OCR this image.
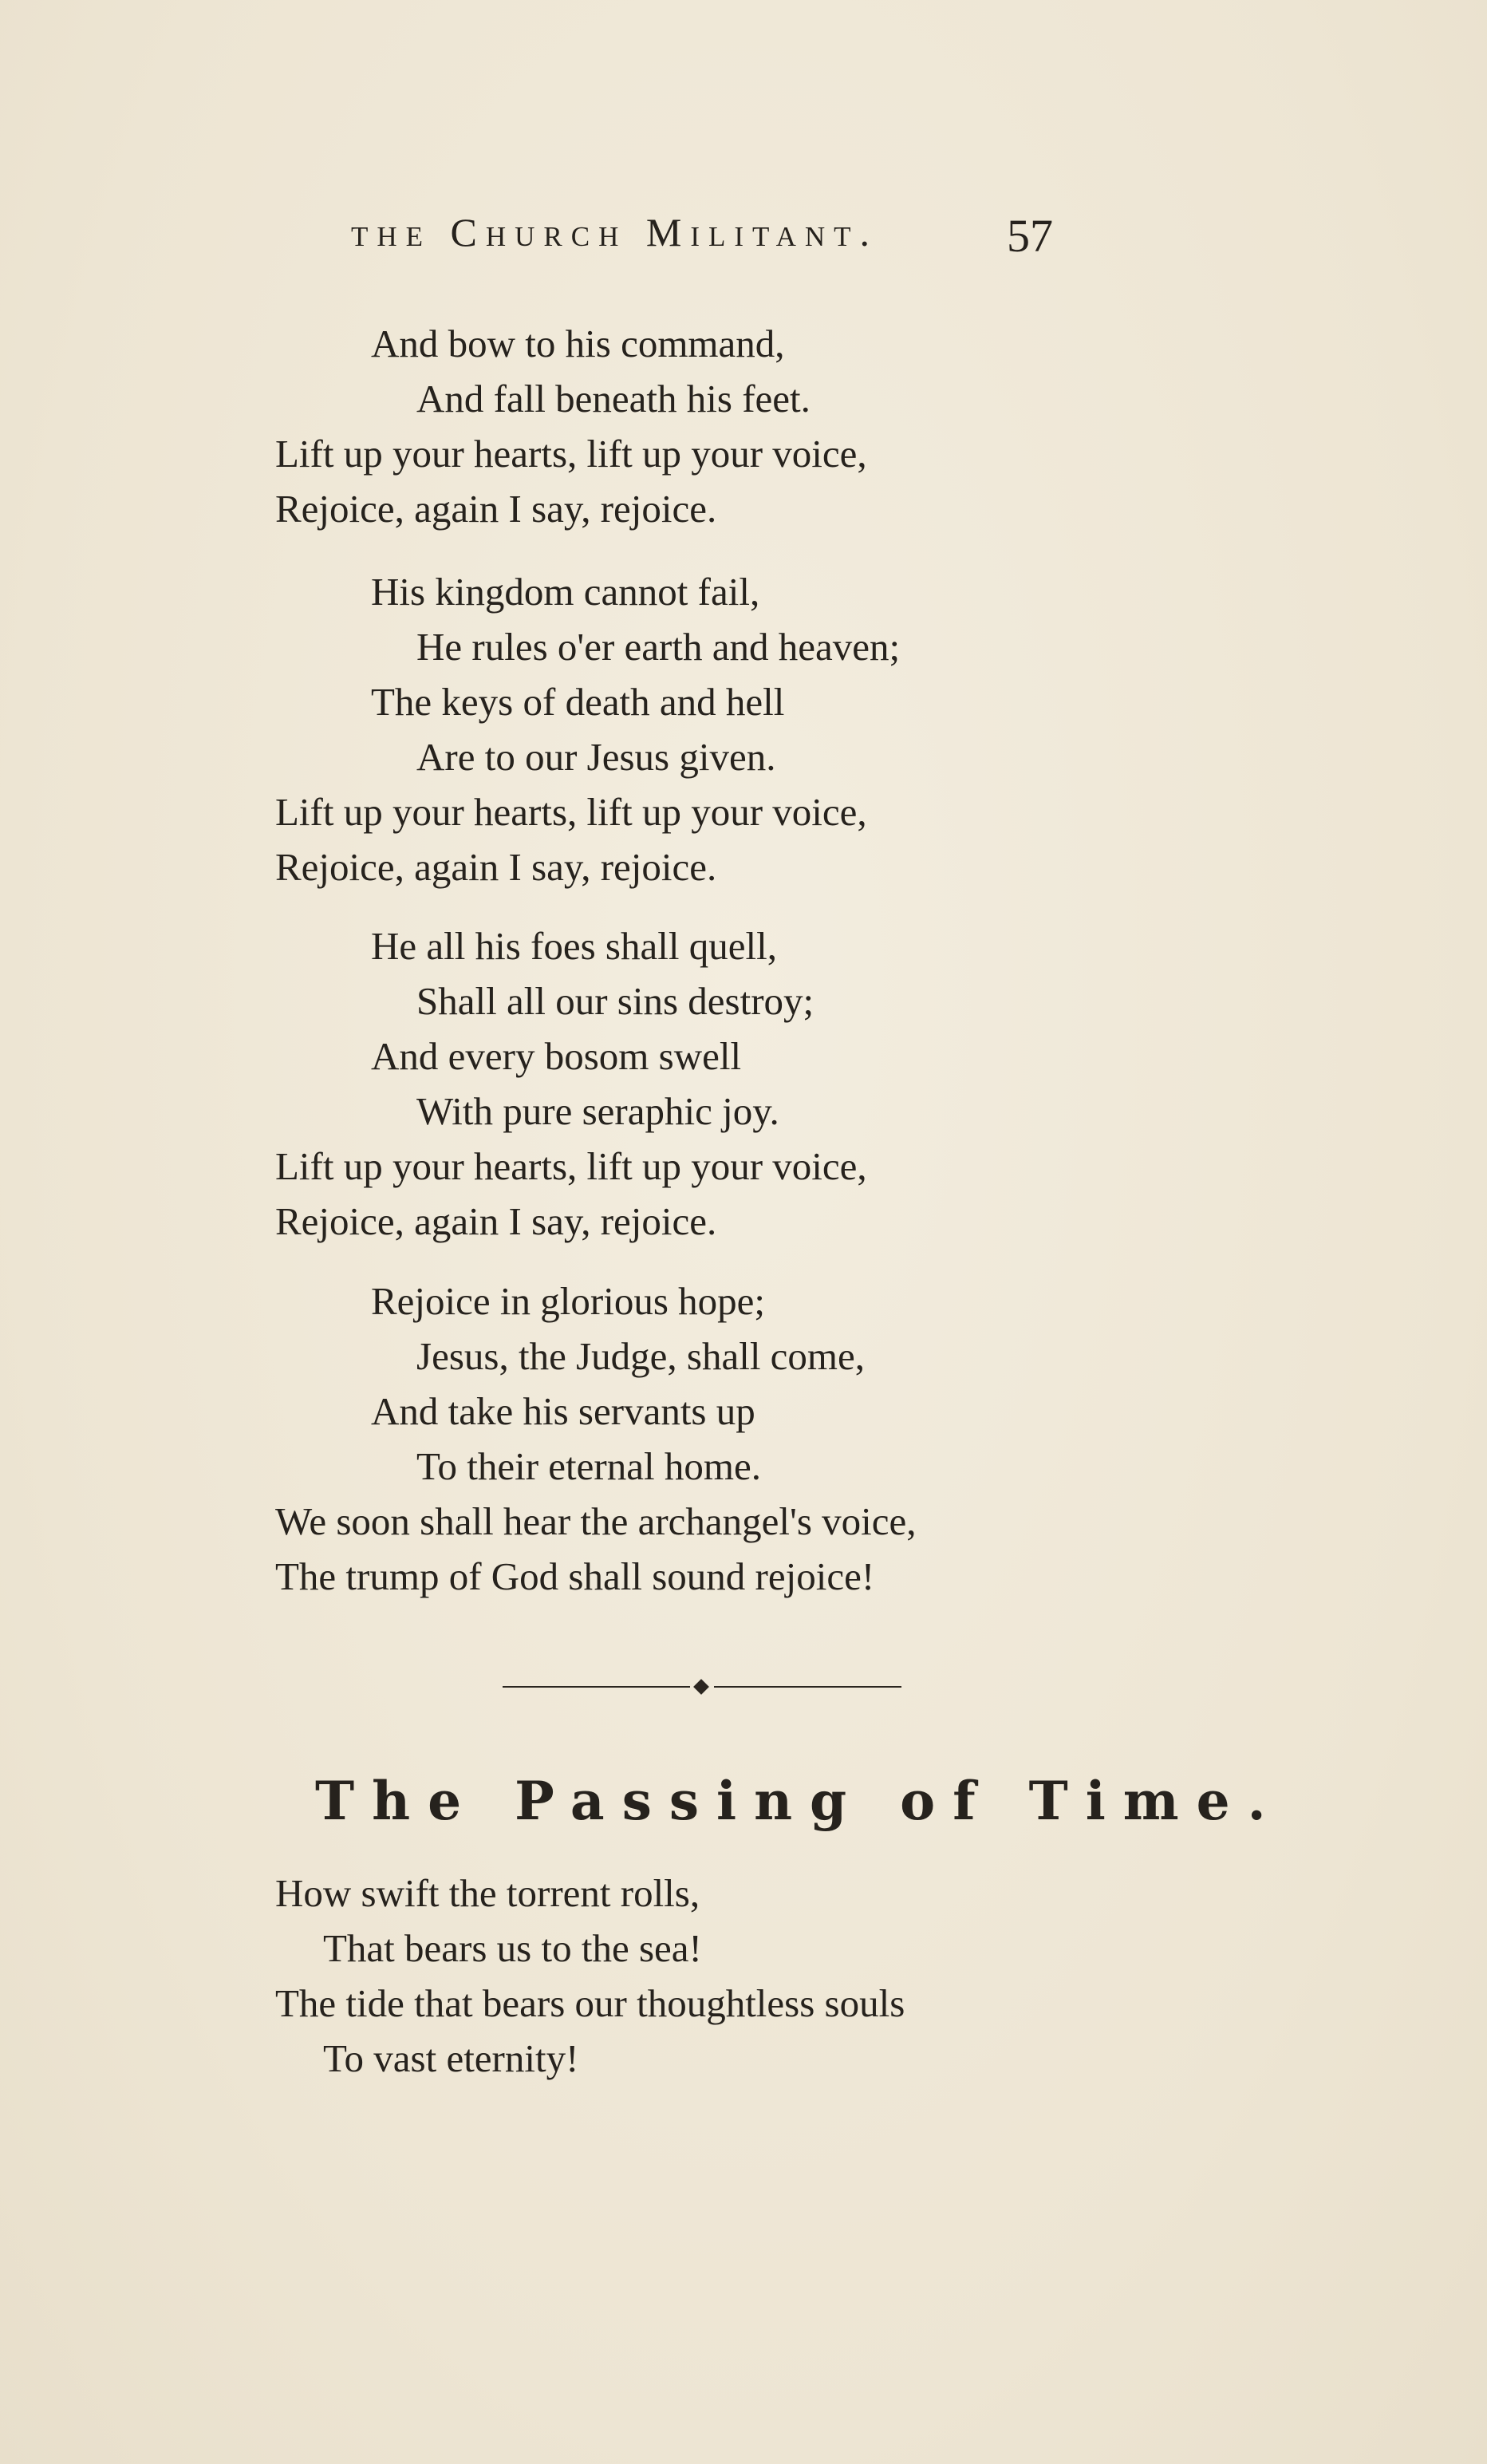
the Church Militant.	57
And bow to his command,
And fall beneath his feet.
Lift up your hearts, lift up your voice,
Rejoice, again I say, rejoice.
His kingdom cannot fail,
He rules o'er earth and heaven;
The keys of death and hell
Are to our Jesus given.
Lift up your hearts, lift up your voice,
Rejoice, again I say, rejoice.
He all his foes shall quell,
Shall all our sins destroy;
And every bosom swell
With pure seraphic joy.
Lift up your hearts, lift up your voice,
Rejoice, again I say, rejoice.
Rejoice in glorious hope;
Jesus, the Judge, shall come,
And take his servants up
To their eternal home.
We soon shall hear the archangel's voice,
The trump of God shall sound rejoice!
The Passing of Time.
How swift the torrent rolls,
That bears us to the sea!
The tide that bears our thoughtless souls
To vast eternity!
